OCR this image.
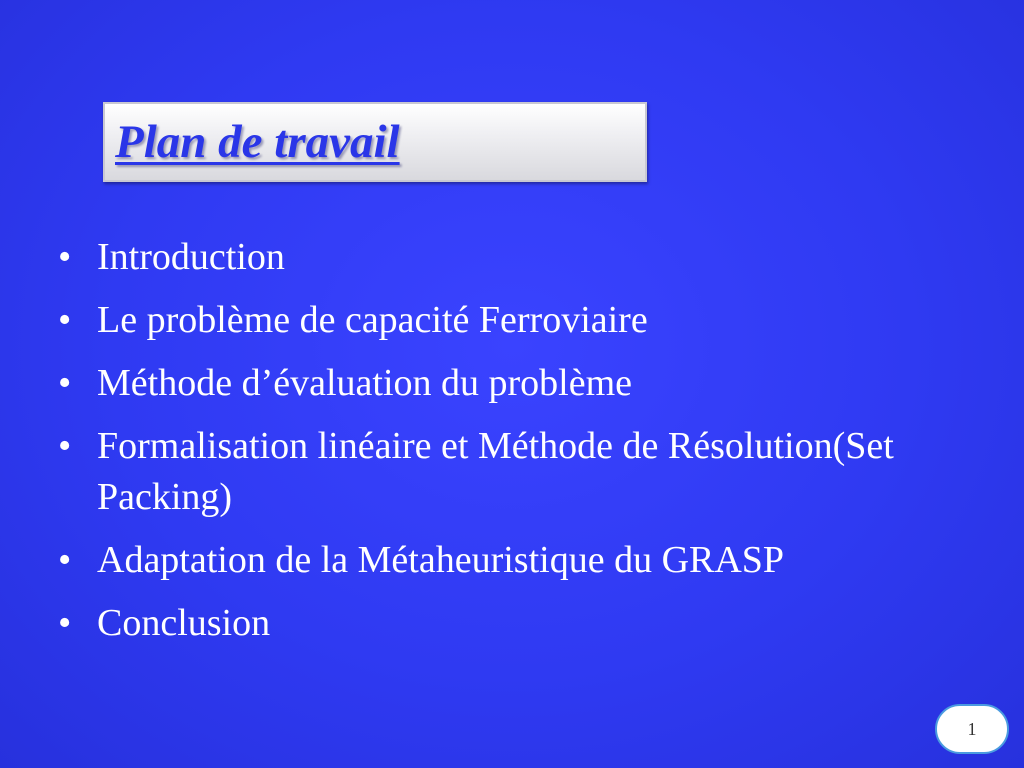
Plan de travail
• Introduction
• Le problème de capacité Ferroviaire
• Méthode d’évaluation du problème
• Formalisation linéaire et Méthode de Résolution(Set Packing)
• Adaptation de la Métaheuristique du GRASP
• Conclusion
1
